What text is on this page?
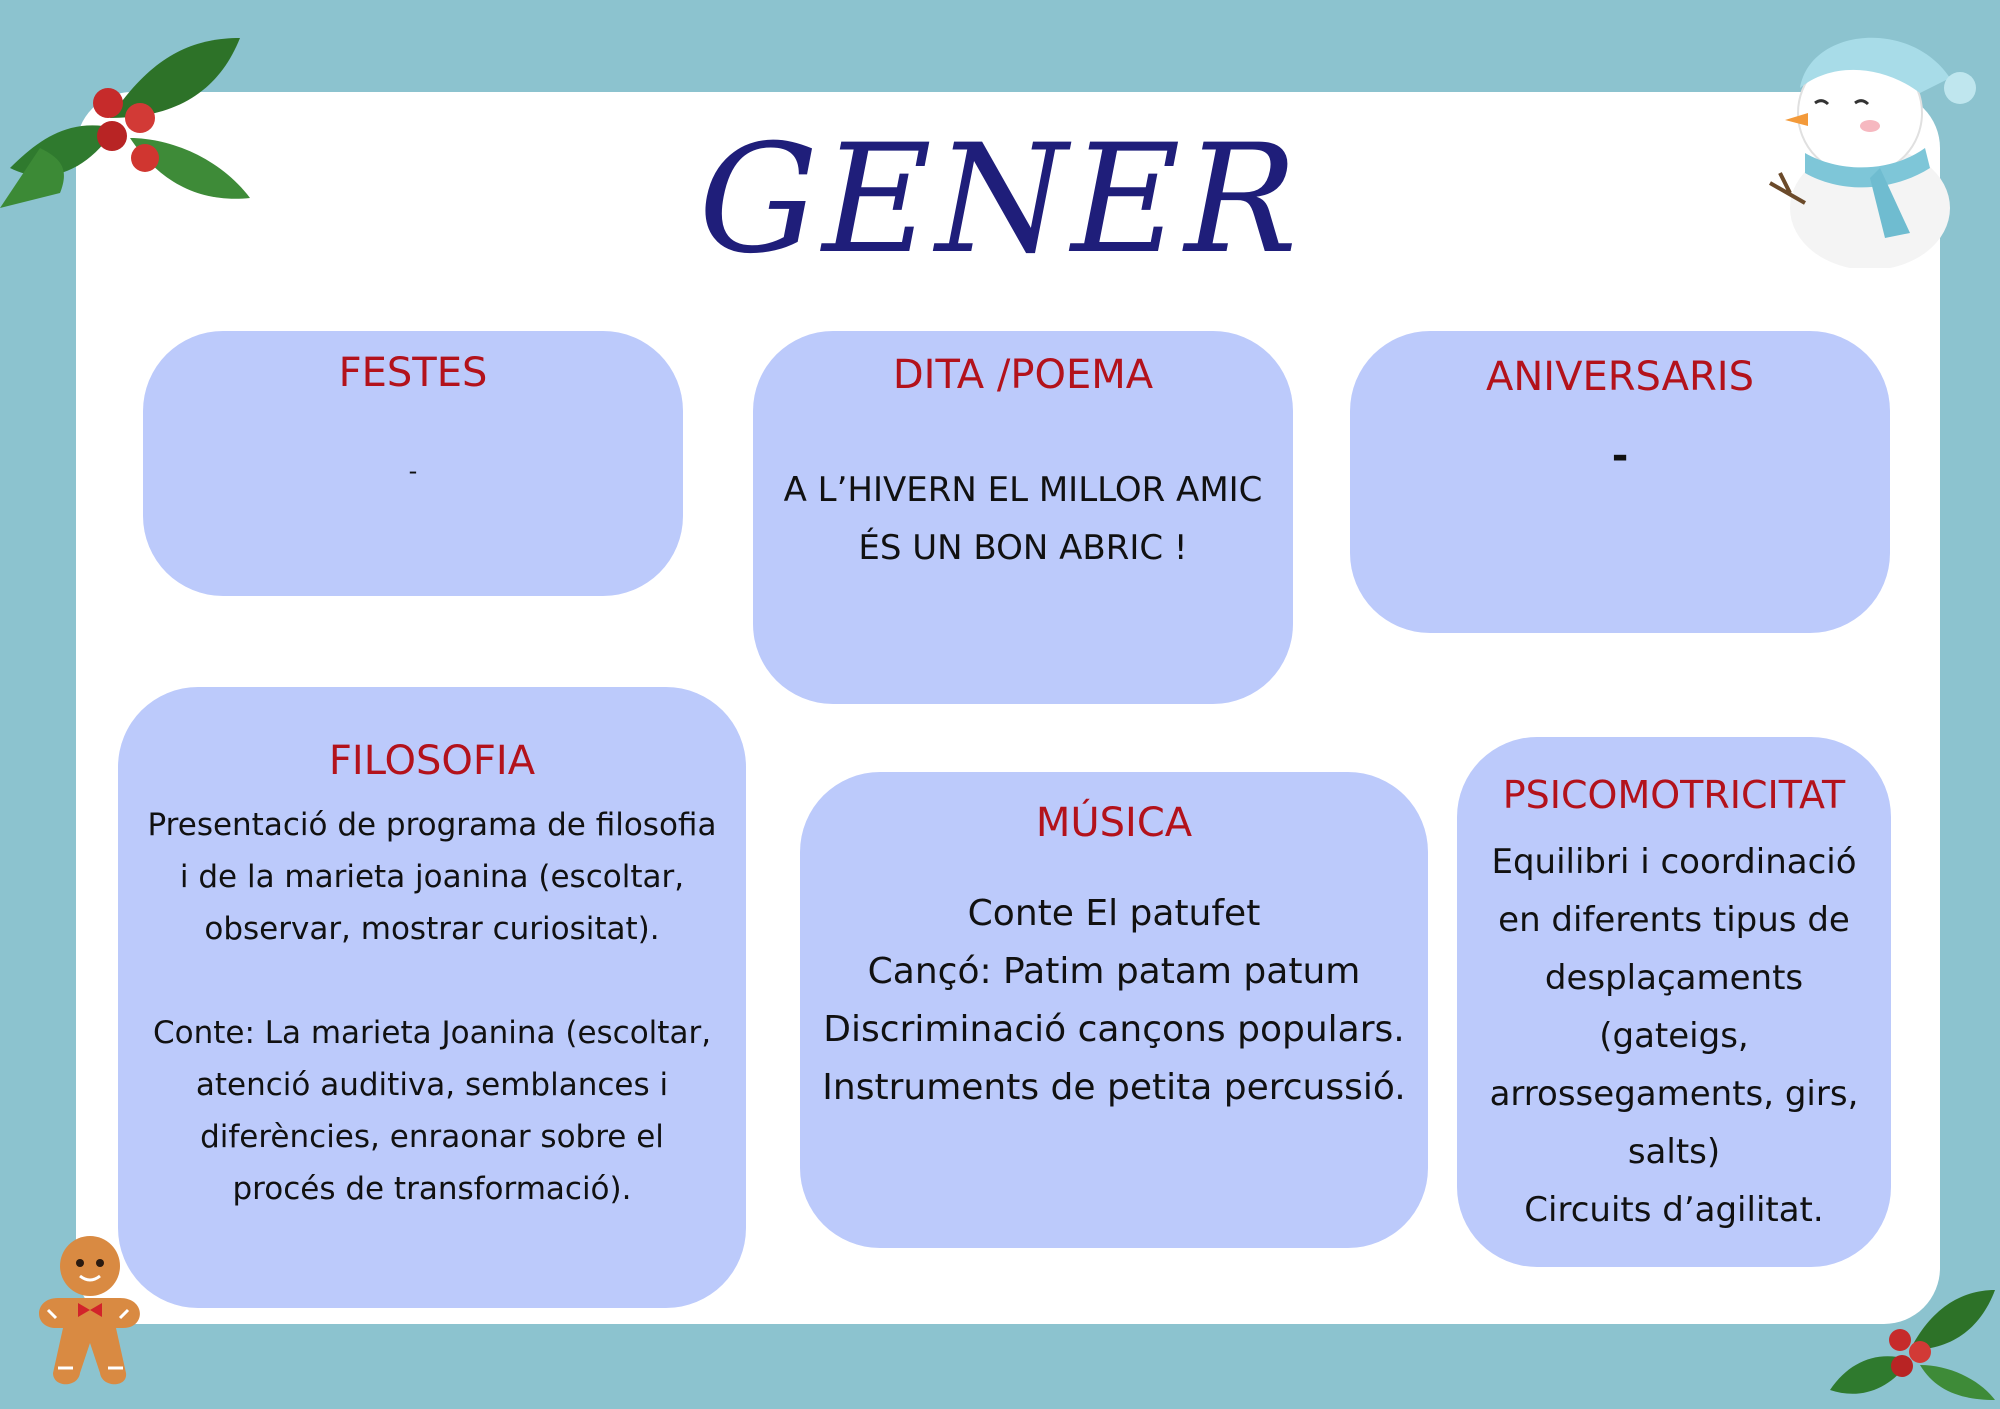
GENER
FESTES

-

DITA /POEMA

A L’HIVERN EL MILLOR AMIC
ÉS UN BON ABRIC !

ANIVERSARIS

-

FILOSOFIA

Presentació de programa de filosofia i de la marieta joanina (escoltar, observar, mostrar curiositat).

Conte: La marieta Joanina (escoltar, atenció auditiva, semblances i diferències, enraonar sobre el procés de transformació).

MÚSICA

Conte El patufet
Cançó: Patim patam patum
Discriminació cançons populars.
Instruments de petita percussió.

PSICOMOTRICITAT

Equilibri i coordinació en diferents tipus de desplaçaments (gateigs, arrossegaments, girs, salts)
Circuits d’agilitat.
